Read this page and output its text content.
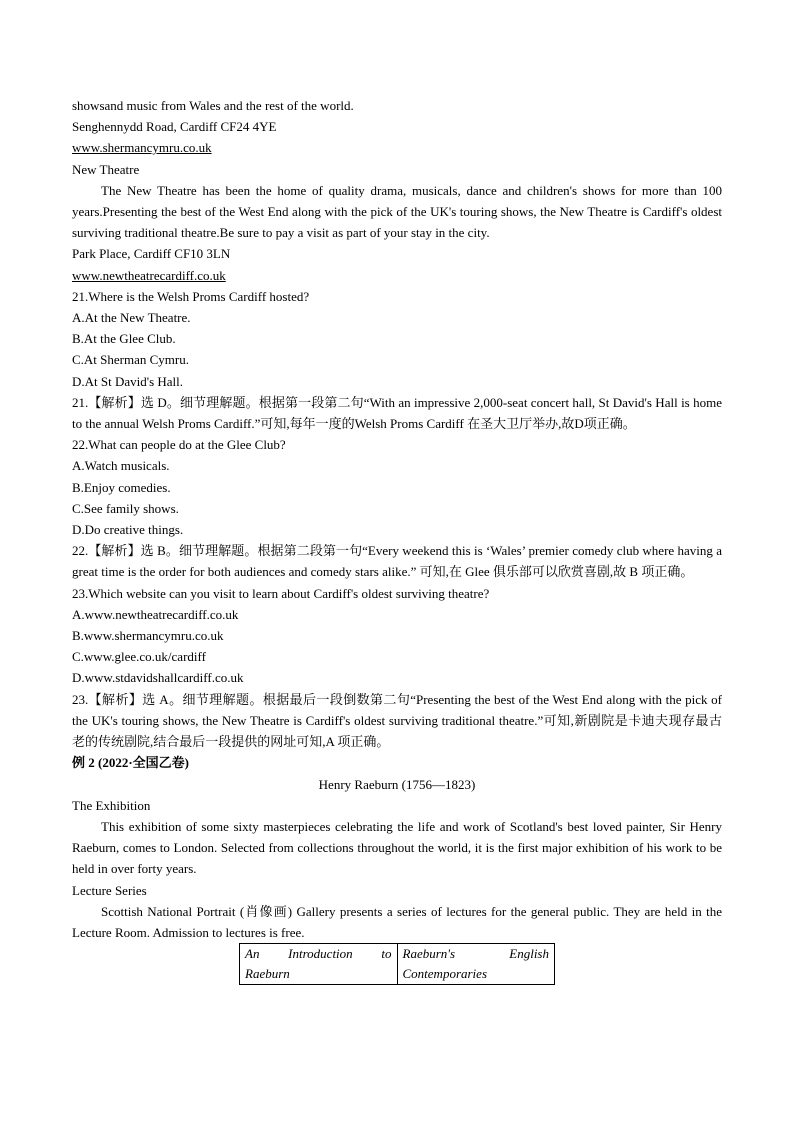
showsand music from Wales and the rest of the world.

Senghennydd Road, Cardiff CF24 4YE

www.shermancymru.co.uk

New Theatre

The New Theatre has been the home of quality drama, musicals, dance and children's shows for more than 100 years.Presenting the best of the West End along with the pick of the UK's touring shows, the New Theatre is Cardiff's oldest surviving traditional theatre.Be sure to pay a visit as part of your stay in the city.

Park Place, Cardiff CF10 3LN

www.newtheatrecardiff.co.uk

21.Where is the Welsh Proms Cardiff hosted?

A.At the New Theatre.

B.At the Glee Club.

C.At Sherman Cymru.

D.At St David's Hall.

21.【解析】选 D。细节理解题。根据第一段第二句“With an impressive 2,000-seat concert hall, St David's Hall is home to the annual Welsh Proms Cardiff.”可知,每年一度的Welsh Proms Cardiff 在圣大卫厅举办,故D项正确。

22.What can people do at the Glee Club?

A.Watch musicals.

B.Enjoy comedies.

C.See family shows.

D.Do creative things.

22.【解析】选 B。细节理解题。根据第二段第一句“Every weekend this is ‘Wales’ premier comedy club where having a great time is the order for both audiences and comedy stars alike.” 可知,在 Glee 俱乐部可以欣赏喜剧,故 B 项正确。

23.Which website can you visit to learn about Cardiff's oldest surviving theatre?

A.www.newtheatrecardiff.co.uk

B.www.shermancymru.co.uk

C.www.glee.co.uk/cardiff

D.www.stdavidshallcardiff.co.uk

23.【解析】选 A。细节理解题。根据最后一段倒数第二句“Presenting the best of the West End along with the pick of the UK's touring shows, the New Theatre is Cardiff's oldest surviving traditional theatre.”可知,新剧院是卡迪夫现存最古老的传统剧院,结合最后一段提供的网址可知,A 项正确。

例 2 (2022·全国乙卷)

Henry Raeburn (1756—1823)

The Exhibition

This exhibition of some sixty masterpieces celebrating the life and work of Scotland's best loved painter, Sir Henry Raeburn, comes to London. Selected from collections throughout the world, it is the first major exhibition of his work to be held in over forty years.

Lecture Series

Scottish National Portrait (肖像画) Gallery presents a series of lectures for the general public. They are held in the Lecture Room. Admission to lectures is free.

An Introduction to
Raeburn

Raeburn's English
Contemporaries
